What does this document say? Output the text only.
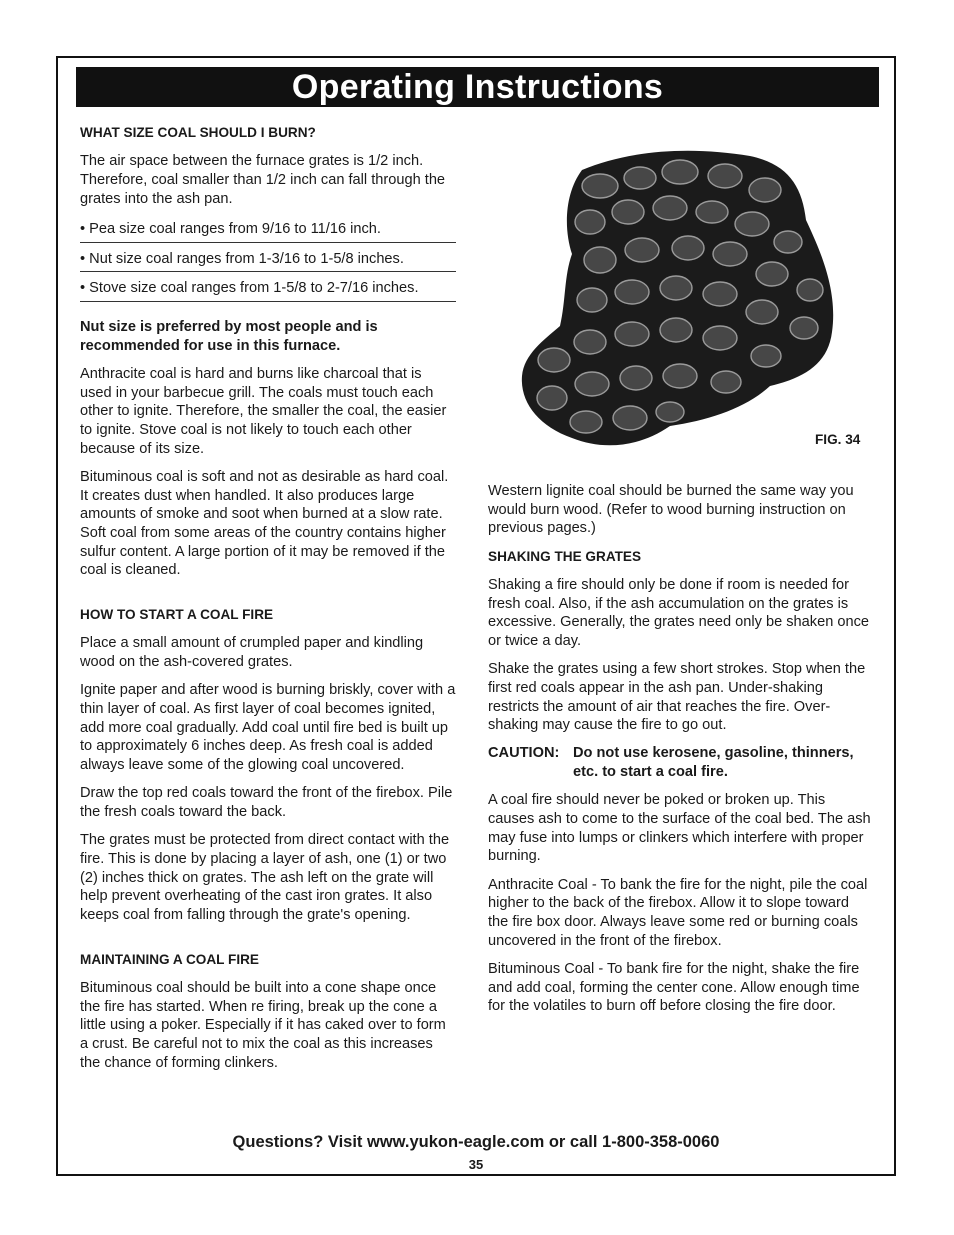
Operating Instructions

WHAT SIZE COAL SHOULD I BURN?

The air space between the furnace grates is 1/2 inch. Therefore, coal smaller than 1/2 inch can fall through the grates into the ash pan.

• Pea size coal ranges from 9/16 to 11/16 inch.
• Nut size coal ranges from 1-3/16 to 1-5/8 inches.
• Stove size coal ranges from 1-5/8 to 2-7/16 inches.

Nut size is preferred by most people and is recommended for use in this furnace.

Anthracite coal is hard and burns like charcoal that is used in your barbecue grill. The coals must touch each other to ignite. Therefore, the smaller the coal, the easier to ignite. Stove coal is not likely to touch each other because of its size.

Bituminous coal is soft and not as desirable as hard coal. It creates dust when handled. It also produces large amounts of smoke and soot when burned at a slow rate. Soft coal from some areas of the country contains higher sulfur content. A large portion of it may be removed if the coal is cleaned.

HOW TO START A COAL FIRE

Place a small amount of crumpled paper and kindling wood on the ash-covered grates.

Ignite paper and after wood is burning briskly, cover with a thin layer of coal. As first layer of coal becomes ignited, add more coal gradually. Add coal until fire bed is built up to approximately 6 inches deep. As fresh coal is added always leave some of the glowing coal uncovered.

Draw the top red coals toward the front of the firebox. Pile the fresh coals toward the back.

The grates must be protected from direct contact with the fire. This is done by placing a layer of ash, one (1) or two (2) inches thick on grates. The ash left on the grate will help prevent overheating of the cast iron grates. It also keeps coal from falling through the grate's opening.

MAINTAINING A COAL FIRE

Bituminous coal should be built into a cone shape once the fire has started. When re firing, break up the cone a little using a poker. Especially if it has caked over to form a crust. Be careful not to mix the coal as this increases the chance of forming clinkers.

FIG. 34

Western lignite coal should be burned the same way you would burn wood. (Refer to wood burning instruction on previous pages.)

SHAKING THE GRATES

Shaking a fire should only be done if room is needed for fresh coal. Also, if the ash accumulation on the grates is excessive. Generally, the grates need only be shaken once or twice a day.

Shake the grates using a few short strokes. Stop when the first red coals appear in the ash pan. Under-shaking restricts the amount of air that reaches the fire. Over-shaking may cause the fire to go out.

CAUTION: Do not use kerosene, gasoline, thinners, etc. to start a coal fire.

A coal fire should never be poked or broken up. This causes ash to come to the surface of the coal bed. The ash may fuse into lumps or clinkers which interfere with proper burning.

Anthracite Coal - To bank the fire for the night, pile the coal higher to the back of the firebox. Allow it to slope toward the fire box door. Always leave some red or burning coals uncovered in the front of the firebox.

Bituminous Coal - To bank fire for the night, shake the fire and add coal, forming the center cone. Allow enough time for the volatiles to burn off before closing the fire door.

Questions? Visit www.yukon-eagle.com or call 1-800-358-0060
35
